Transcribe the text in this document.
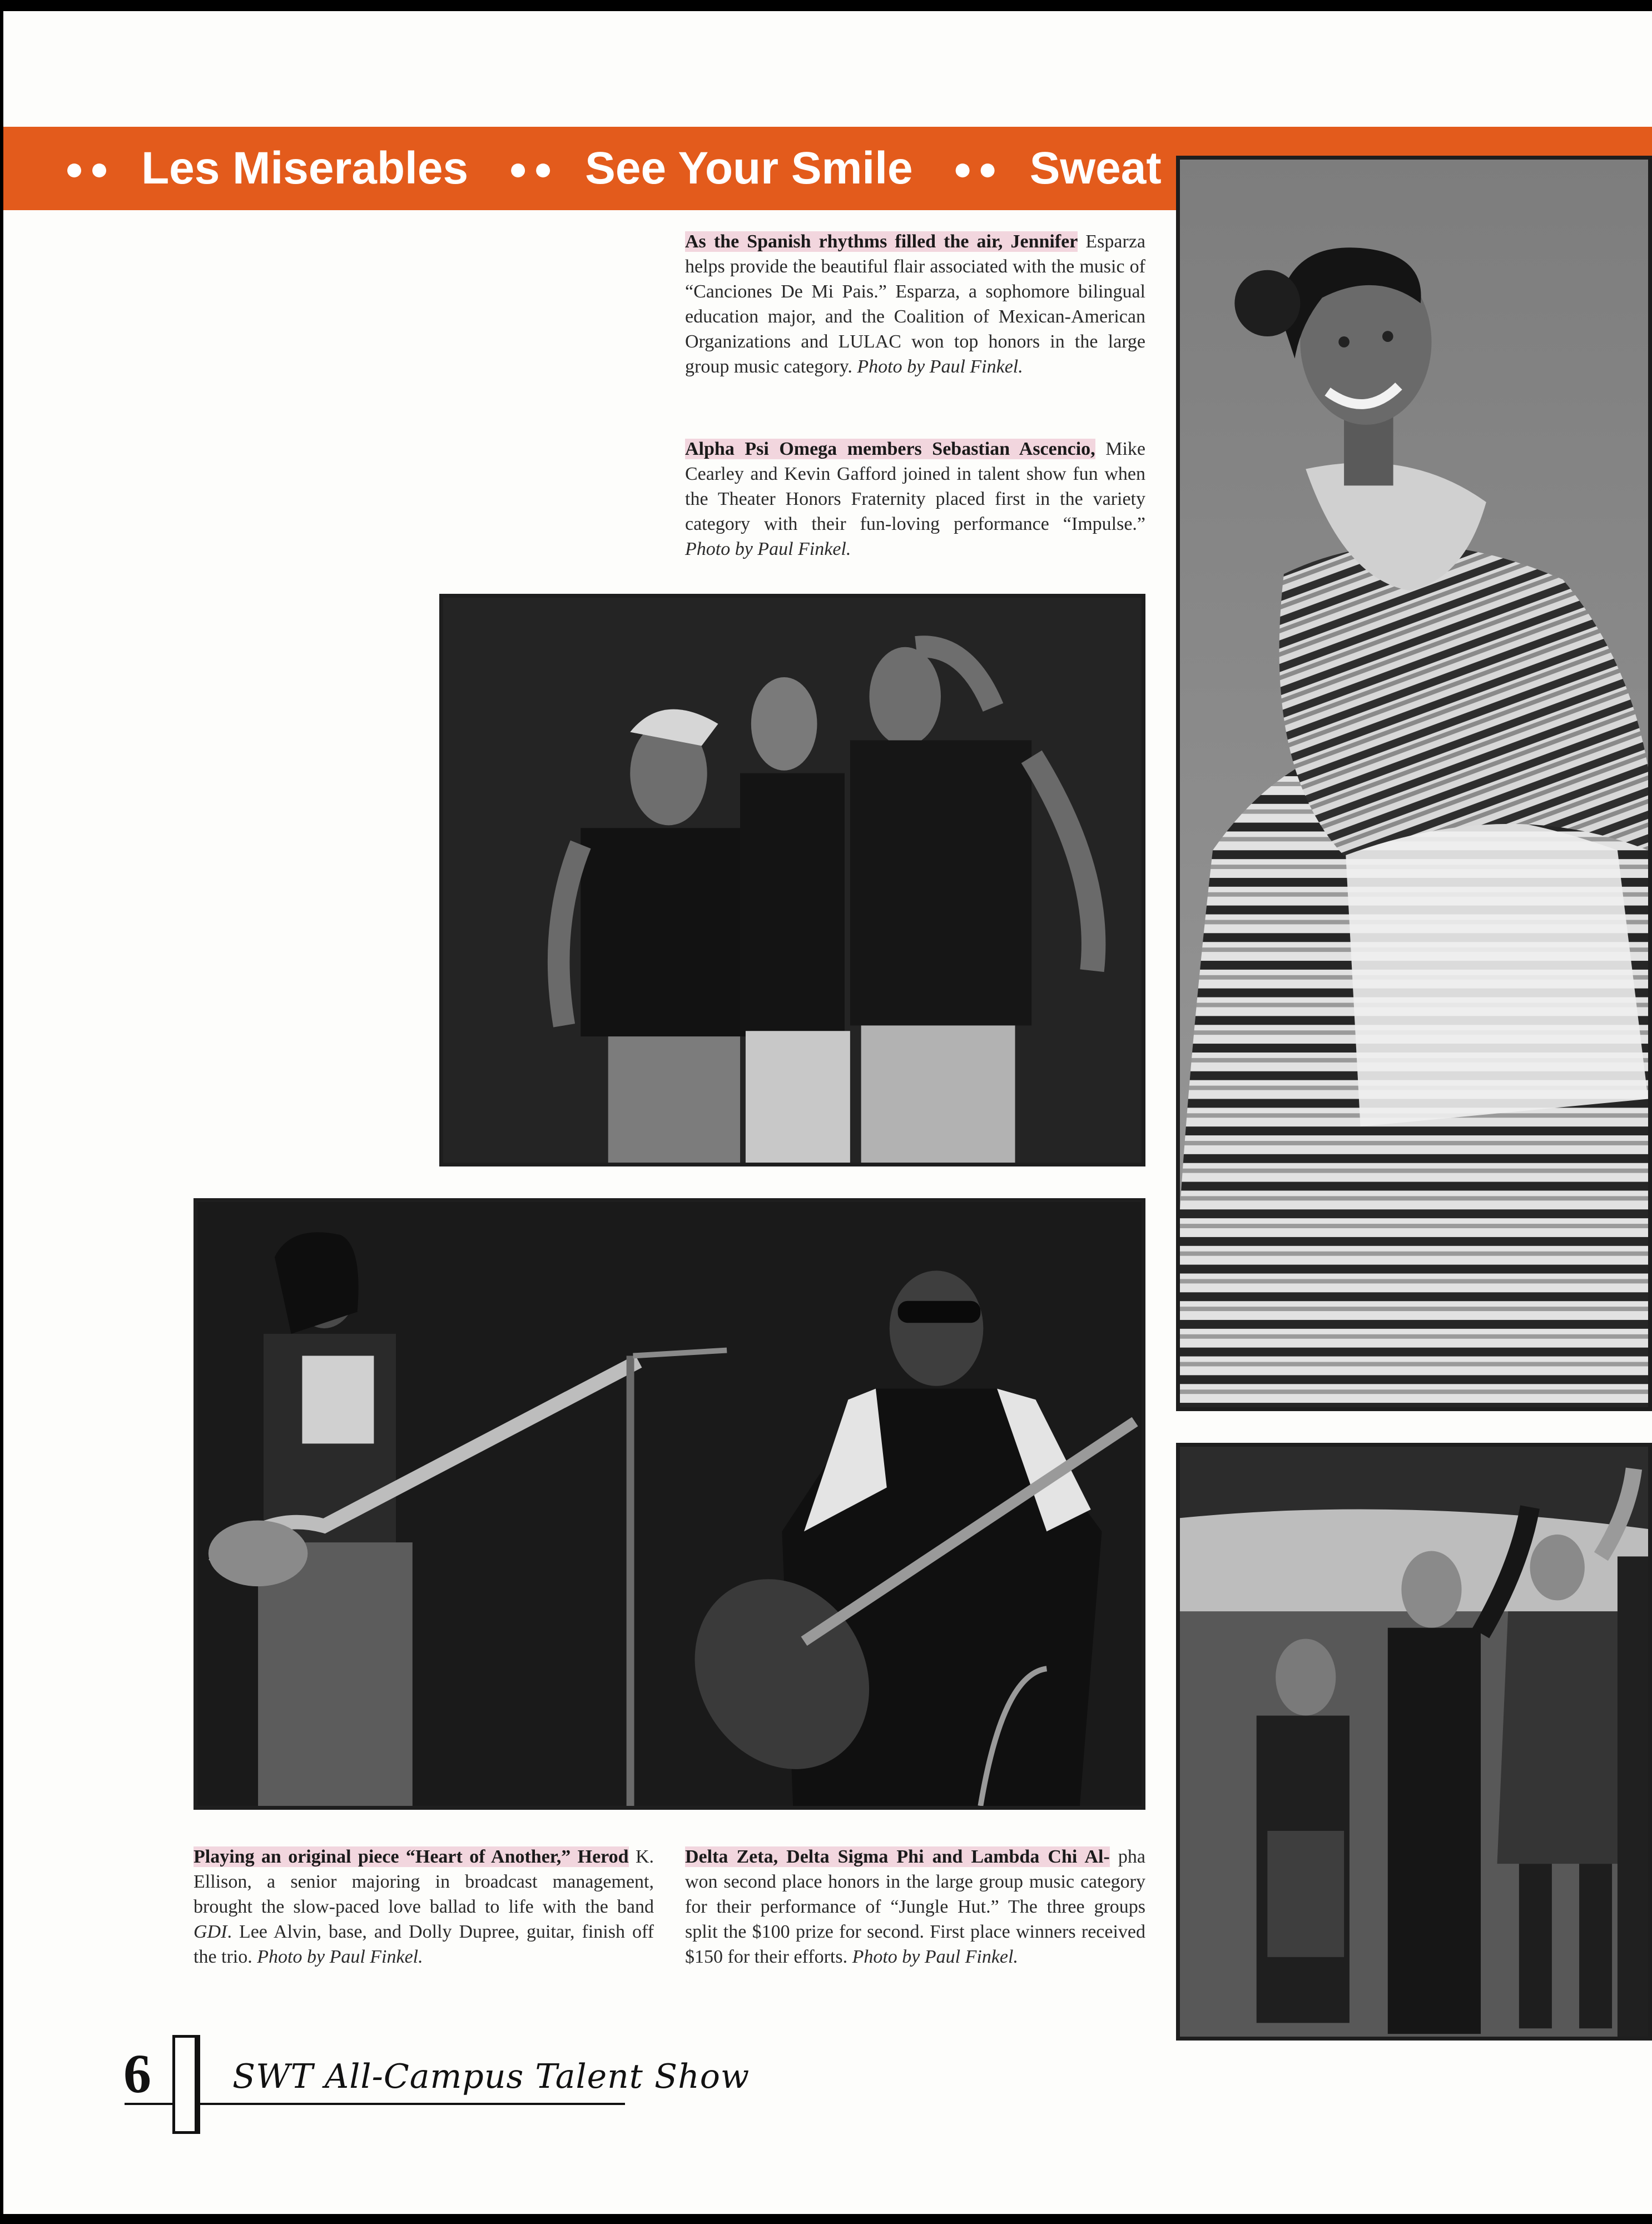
●● Les Miserables ●● See Your Smile ●● Sweat
As the Spanish rhythms filled the air, Jennifer Esparza helps provide the beautiful flair associated with the music of “Canciones De Mi Pais.” Esparza, a sophomore bilingual education major, and the Coalition of Mexican-American Organizations and LULAC won top honors in the large group music category. Photo by Paul Finkel.
Alpha Psi Omega members Sebastian Ascencio, Mike Cearley and Kevin Gafford joined in talent show fun when the Theater Honors Fraternity placed first in the variety category with their fun-loving performance “Impulse.” Photo by Paul Finkel.
Playing an original piece “Heart of Another,” Herod K. Ellison, a senior majoring in broadcast management, brought the slow-paced love ballad to life with the band GDI. Lee Alvin, base, and Dolly Dupree, guitar, finish off the trio. Photo by Paul Finkel.
Delta Zeta, Delta Sigma Phi and Lambda Chi Al- pha won second place honors in the large group music category for their performance of “Jungle Hut.” The three groups split the $100 prize for second. First place winners received $150 for their efforts. Photo by Paul Finkel.
6 SWT All-Campus Talent Show
